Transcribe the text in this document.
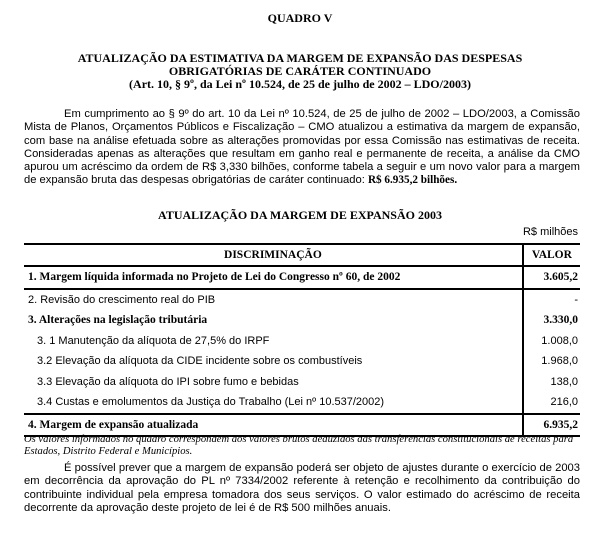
QUADRO V
ATUALIZAÇÃO DA ESTIMATIVA DA MARGEM DE EXPANSÃO DAS DESPESAS
OBRIGATÓRIAS DE CARÁTER CONTINUADO
(Art. 10, § 9º, da Lei nº 10.524, de 25 de julho de 2002 – LDO/2003)

Em cumprimento ao § 9º do art. 10 da Lei nº 10.524, de 25 de julho de 2002 – LDO/2003, a Comissão Mista de Planos, Orçamentos Públicos e Fiscalização – CMO atualizou a estimativa da margem de expansão, com base na análise efetuada sobre as alterações promovidas por essa Comissão nas estimativas de receita. Consideradas apenas as alterações que resultam em ganho real e permanente de receita, a análise da CMO apurou um acréscimo da ordem de R$ 3,330 bilhões, conforme tabela a seguir e um novo valor para a margem de expansão bruta das despesas obrigatórias de caráter continuado: R$ 6.935,2 bilhões.

ATUALIZAÇÃO DA MARGEM DE EXPANSÃO 2003
R$ milhões
DISCRIMINAÇÃO	VALOR
1. Margem líquida informada no Projeto de Lei do Congresso nº 60, de 2002	3.605,2
2. Revisão do crescimento real do PIB	-
3. Alterações na legislação tributária	3.330,0
3. 1 Manutenção da alíquota de 27,5% do IRPF	1.008,0
3.2 Elevação da alíquota da CIDE incidente sobre os combustíveis	1.968,0
3.3 Elevação da alíquota do IPI sobre fumo e bebidas	138,0
3.4 Custas e emolumentos da Justiça do Trabalho (Lei nº 10.537/2002)	216,0
4. Margem de expansão atualizada	6.935,2
Os valores informados no quadro correspondem aos valores brutos deduzidos das transferências constitucionais de receitas para Estados, Distrito Federal e Municípios.

É possível prever que a margem de expansão poderá ser objeto de ajustes durante o exercício de 2003 em decorrência da aprovação do PL nº 7334/2002 referente à retenção e recolhimento da contribuição do contribuinte individual pela empresa tomadora dos seus serviços. O valor estimado do acréscimo de receita decorrente da aprovação deste projeto de lei é de R$ 500 milhões anuais.
